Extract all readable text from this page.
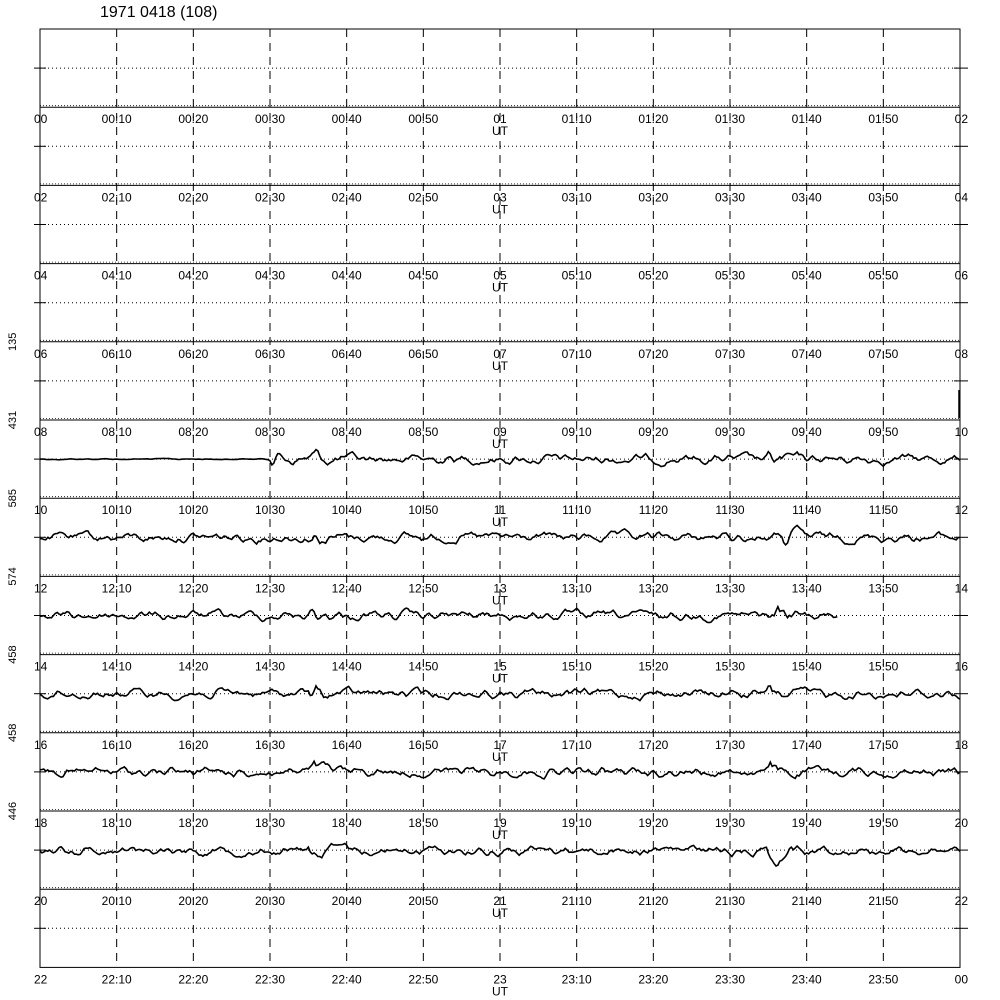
1971 0418 (108)
00	00:10	00:20	00:30	00:40	00:50	01	01:10	01:20	01:30	01:40	01:50	02
UT
02	02:10	02:20	02:30	02:40	02:50	03	03:10	03:20	03:30	03:40	03:50	04
UT
04	04:10	04:20	04:30	04:40	04:50	05	05:10	05:20	05:30	05:40	05:50	06
UT
06	06:10	06:20	06:30	06:40	06:50	07	07:10	07:20	07:30	07:40	07:50	08
UT
08	08:10	08:20	08:30	08:40	08:50	09	09:10	09:20	09:30	09:40	09:50	10
UT
135
10	10:10	10:20	10:30	10:40	10:50	11	11:10	11:20	11:30	11:40	11:50	12
UT
431
12	12:10	12:20	12:30	12:40	12:50	13	13:10	13:20	13:30	13:40	13:50	14
UT
585
14	14:10	14:20	14:30	14:40	14:50	15	15:10	15:20	15:30	15:40	15:50	16
UT
574
16	16:10	16:20	16:30	16:40	16:50	17	17:10	17:20	17:30	17:40	17:50	18
UT
458
18	18:10	18:20	18:30	18:40	18:50	19	19:10	19:20	19:30	19:40	19:50	20
UT
458
20	20:10	20:20	20:30	20:40	20:50	21	21:10	21:20	21:30	21:40	21:50	22
UT
446
22	22:10	22:20	22:30	22:40	22:50	23	23:10	23:20	23:30	23:40	23:50	00
UT
